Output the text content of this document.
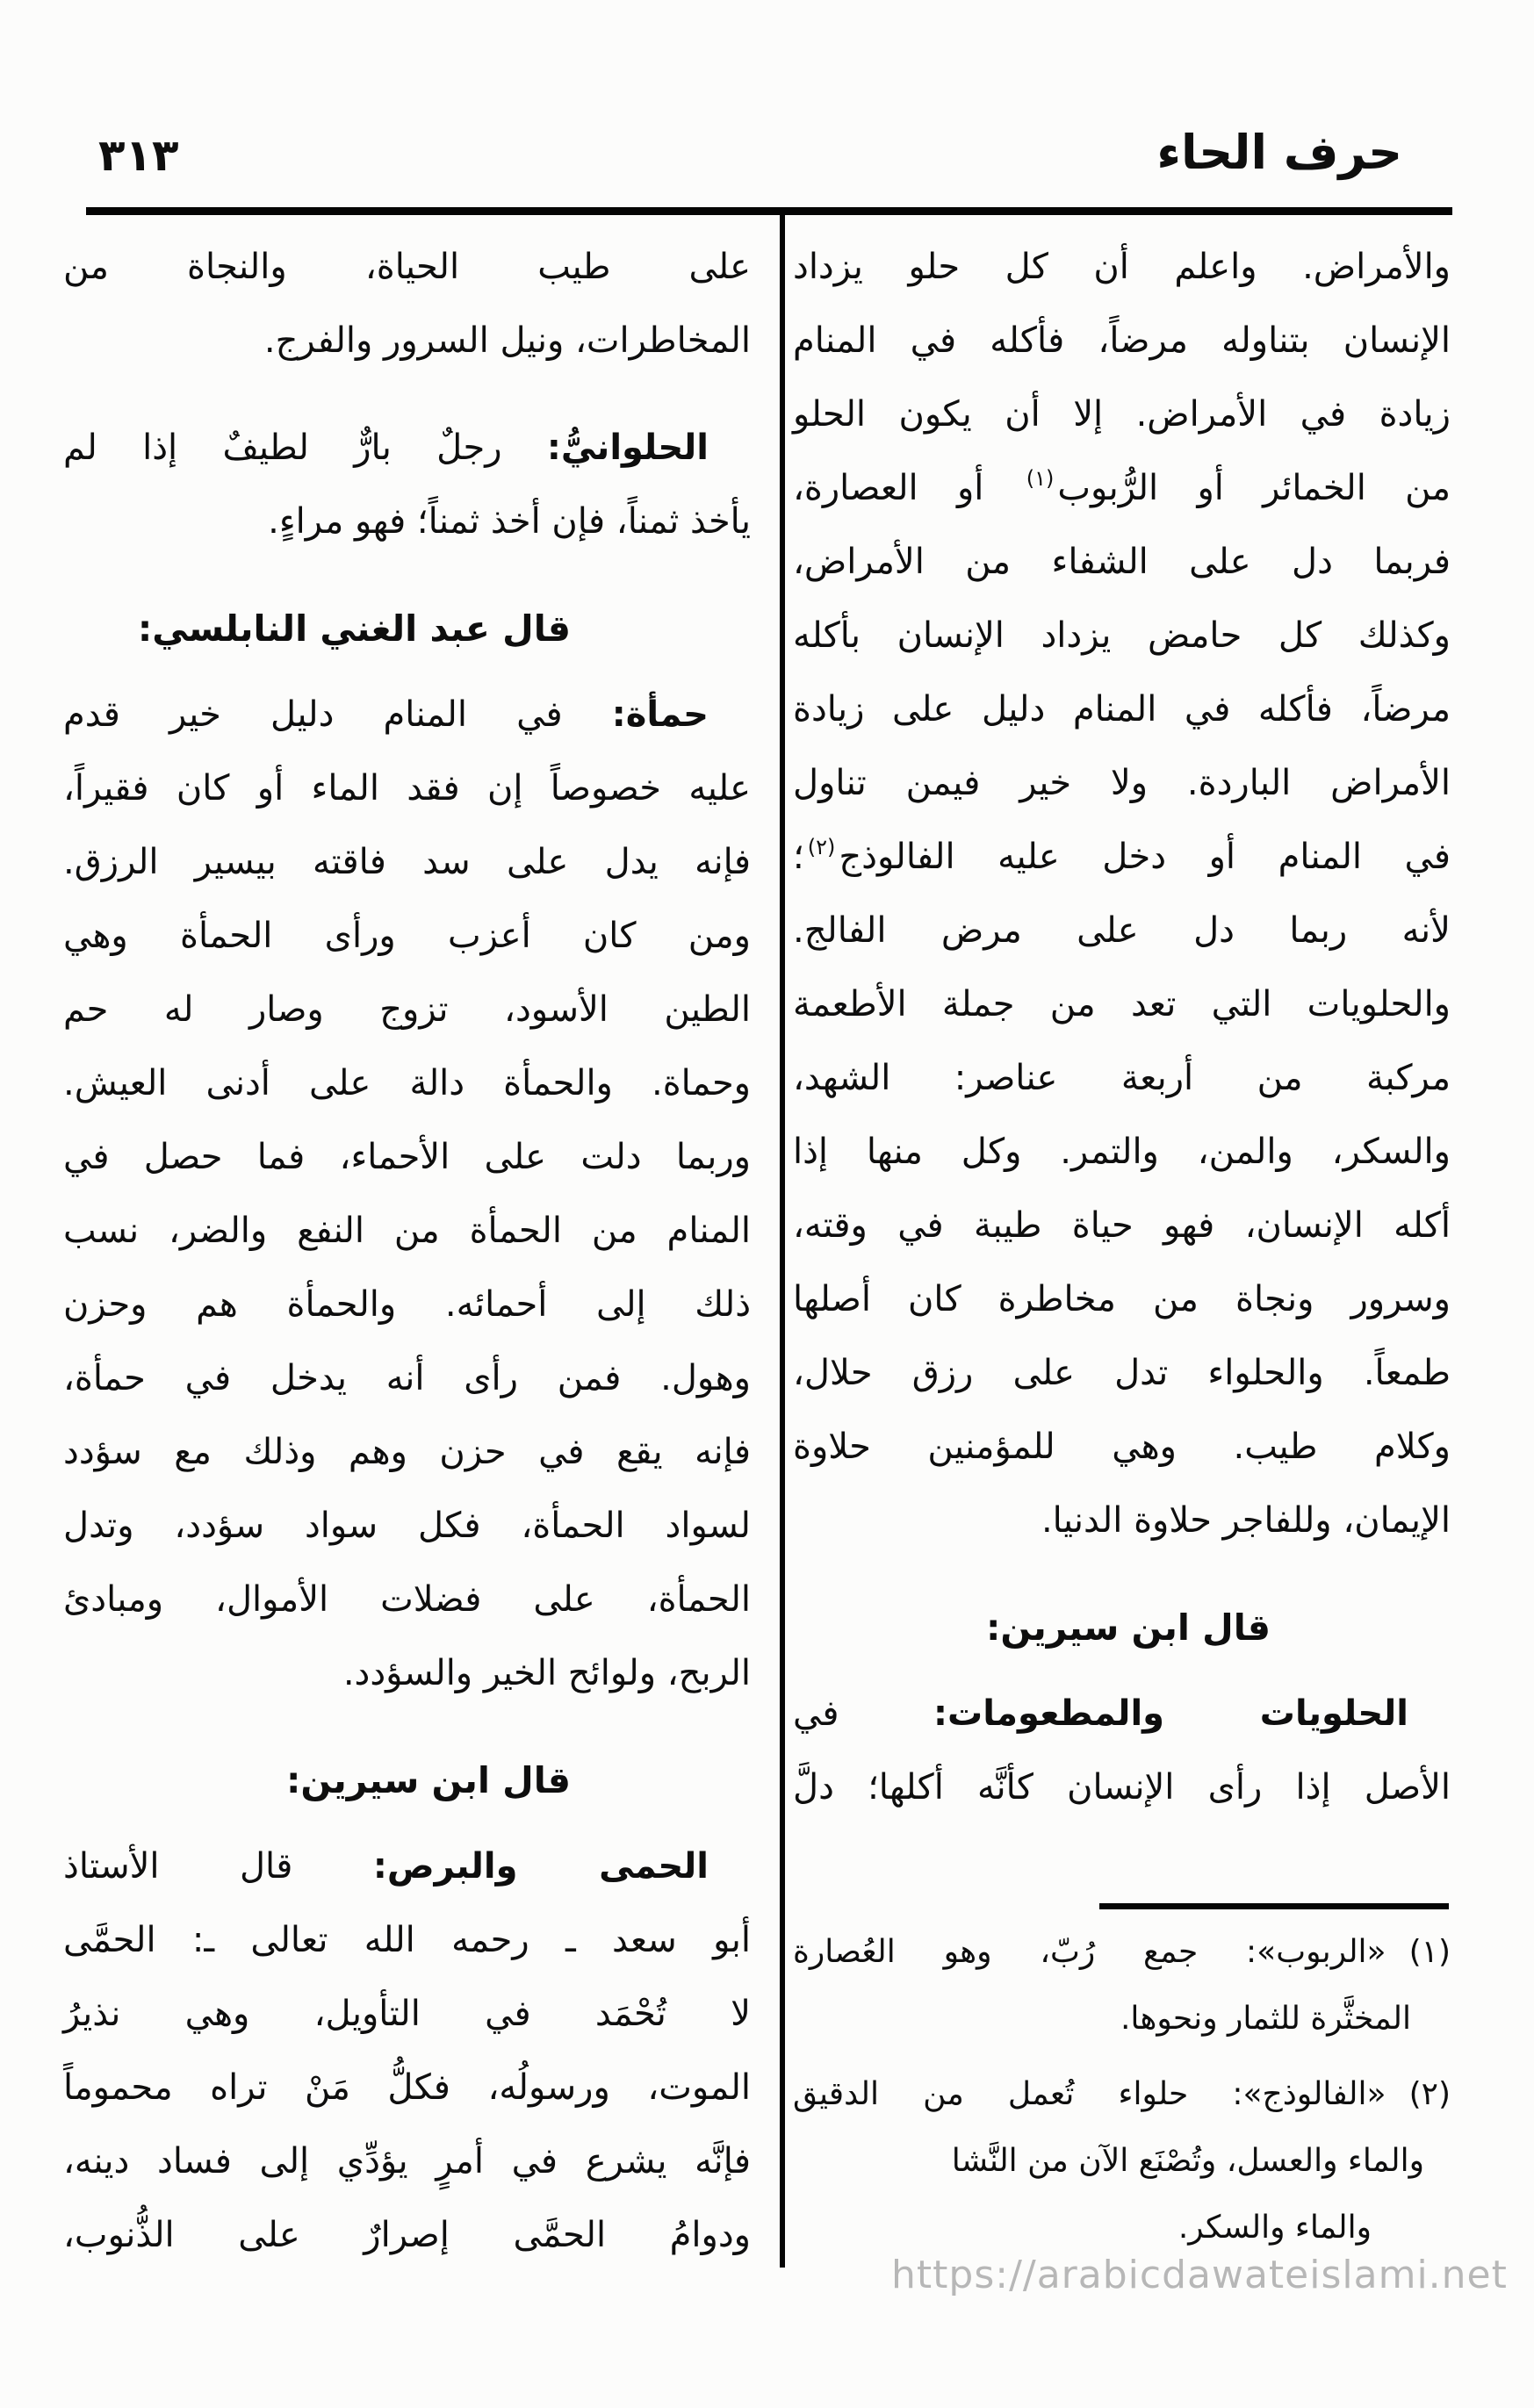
٣١٣	حرف الحاء
والأمراض. واعلم أن كل حلو يزداد
الإنسان بتناوله مرضاً، فأكله في المنام
زيادة في الأمراض. إلا أن يكون الحلو
من الخمائر أو الرُّبوب$^{(١)}$ أو العصارة،
فربما دل على الشفاء من الأمراض،
وكذلك كل حامض يزداد الإنسان بأكله
مرضاً، فأكله في المنام دليل على زيادة
الأمراض الباردة. ولا خير فيمن تناول
في المنام أو دخل عليه الفالوذج$^{(٢)}$؛
لأنه ربما دل على مرض الفالج.
والحلويات التي تعد من جملة الأطعمة
مركبة من أربعة عناصر: الشهد،
والسكر، والمن، والتمر. وكل منها إذا
أكله الإنسان، فهو حياة طيبة في وقته،
وسرور ونجاة من مخاطرة كان أصلها
طمعاً. والحلواء تدل على رزق حلال،
وكلام طيب. وهي للمؤمنين حلاوة
الإيمان، وللفاجر حلاوة الدنيا.
قال ابن سيرين:
الحلويات والمطعومات: في
الأصل إذا رأى الإنسان كأنَّه أكلها؛ دلَّ
على طيب الحياة، والنجاة من
المخاطرات، ونيل السرور والفرج.
الحلوانيُّ: رجلٌ بارٌّ لطيفٌ إذا لم
يأخذ ثمناً، فإن أخذ ثمناً؛ فهو مراءٍ.
قال عبد الغني النابلسي:
حمأة: في المنام دليل خير قدم
عليه خصوصاً إن فقد الماء أو كان فقيراً،
فإنه يدل على سد فاقته بيسير الرزق.
ومن كان أعزب ورأى الحمأة وهي
الطين الأسود، تزوج وصار له حم
وحماة. والحمأة دالة على أدنى العيش.
وربما دلت على الأحماء، فما حصل في
المنام من الحمأة من النفع والضر، نسب
ذلك إلى أحمائه. والحمأة هم وحزن
وهول. فمن رأى أنه يدخل في حمأة،
فإنه يقع في حزن وهم وذلك مع سؤدد
لسواد الحمأة، فكل سواد سؤدد، وتدل
الحمأة، على فضلات الأموال، ومبادئ
الربح، ولوائح الخير والسؤدد.
قال ابن سيرين:
الحمى والبرص: قال الأستاذ
أبو سعد ـ رحمه الله تعالى ـ: الحمَّى
لا تُحْمَد في التأويل، وهي نذيرُ
الموت، ورسولُه، فكلُّ مَنْ تراه محموماً
فإنَّه يشرع في أمرٍ يؤدِّي إلى فساد دينه،
ودوامُ الحمَّى إصرارٌ على الذُّنوب،
(١)«الربوب»: جمع رُبّ، وهو العُصارة
المخثَّرة للثمار ونحوها.
(٢)«الفالوذج»: حلواء تُعمل من الدقيق
والماء والعسل، وتُصْنَع الآن من النَّشا
والماء والسكر.
https://arabicdawateislami.net
